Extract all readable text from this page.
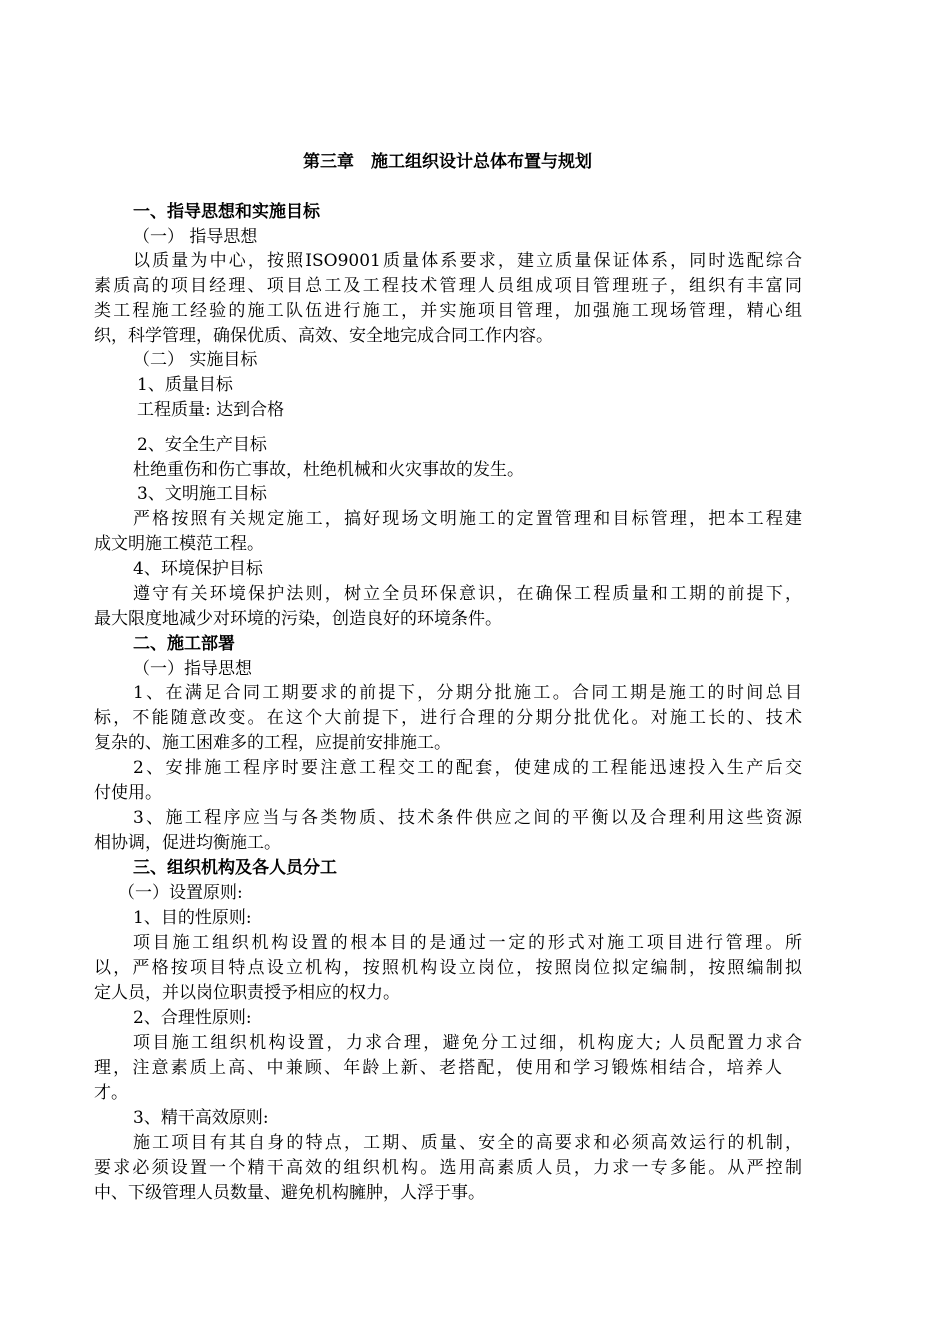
第三章　施工组织设计总体布置与规划
一、指导思想和实施目标
（一） 指导思想
以质量为中心，按照ISO9001质量体系要求，建立质量保证体系，同时选配综合
素质高的项目经理、项目总工及工程技术管理人员组成项目管理班子，组织有丰富同
类工程施工经验的施工队伍进行施工，并实施项目管理，加强施工现场管理，精心组
织，科学管理，确保优质、高效、安全地完成合同工作内容。
（二） 实施目标
1、质量目标
工程质量: 达到合格
2、安全生产目标
杜绝重伤和伤亡事故，杜绝机械和火灾事故的发生。
3、文明施工目标
严格按照有关规定施工，搞好现场文明施工的定置管理和目标管理，把本工程建
成文明施工模范工程。
4、环境保护目标
遵守有关环境保护法则，树立全员环保意识，在确保工程质量和工期的前提下，
最大限度地减少对环境的污染，创造良好的环境条件。
二、施工部署
（一）指导思想
1、在满足合同工期要求的前提下，分期分批施工。合同工期是施工的时间总目
标，不能随意改变。在这个大前提下，进行合理的分期分批优化。对施工长的、技术
复杂的、施工困难多的工程，应提前安排施工。
2、安排施工程序时要注意工程交工的配套，使建成的工程能迅速投入生产后交
付使用。
3、施工程序应当与各类物质、技术条件供应之间的平衡以及合理利用这些资源
相协调，促进均衡施工。
三、组织机构及各人员分工
（一）设置原则:
1、目的性原则:
项目施工组织机构设置的根本目的是通过一定的形式对施工项目进行管理。所
以，严格按项目特点设立机构，按照机构设立岗位，按照岗位拟定编制，按照编制拟
定人员，并以岗位职责授予相应的权力。
2、合理性原则:
项目施工组织机构设置，力求合理，避免分工过细，机构庞大; 人员配置力求合
理，注意素质上高、中兼顾、年龄上新、老搭配，使用和学习锻炼相结合，培养人
才。
3、精干高效原则:
施工项目有其自身的特点，工期、质量、安全的高要求和必须高效运行的机制，
要求必须设置一个精干高效的组织机构。选用高素质人员，力求一专多能。从严控制
中、下级管理人员数量、避免机构臃肿，人浮于事。
